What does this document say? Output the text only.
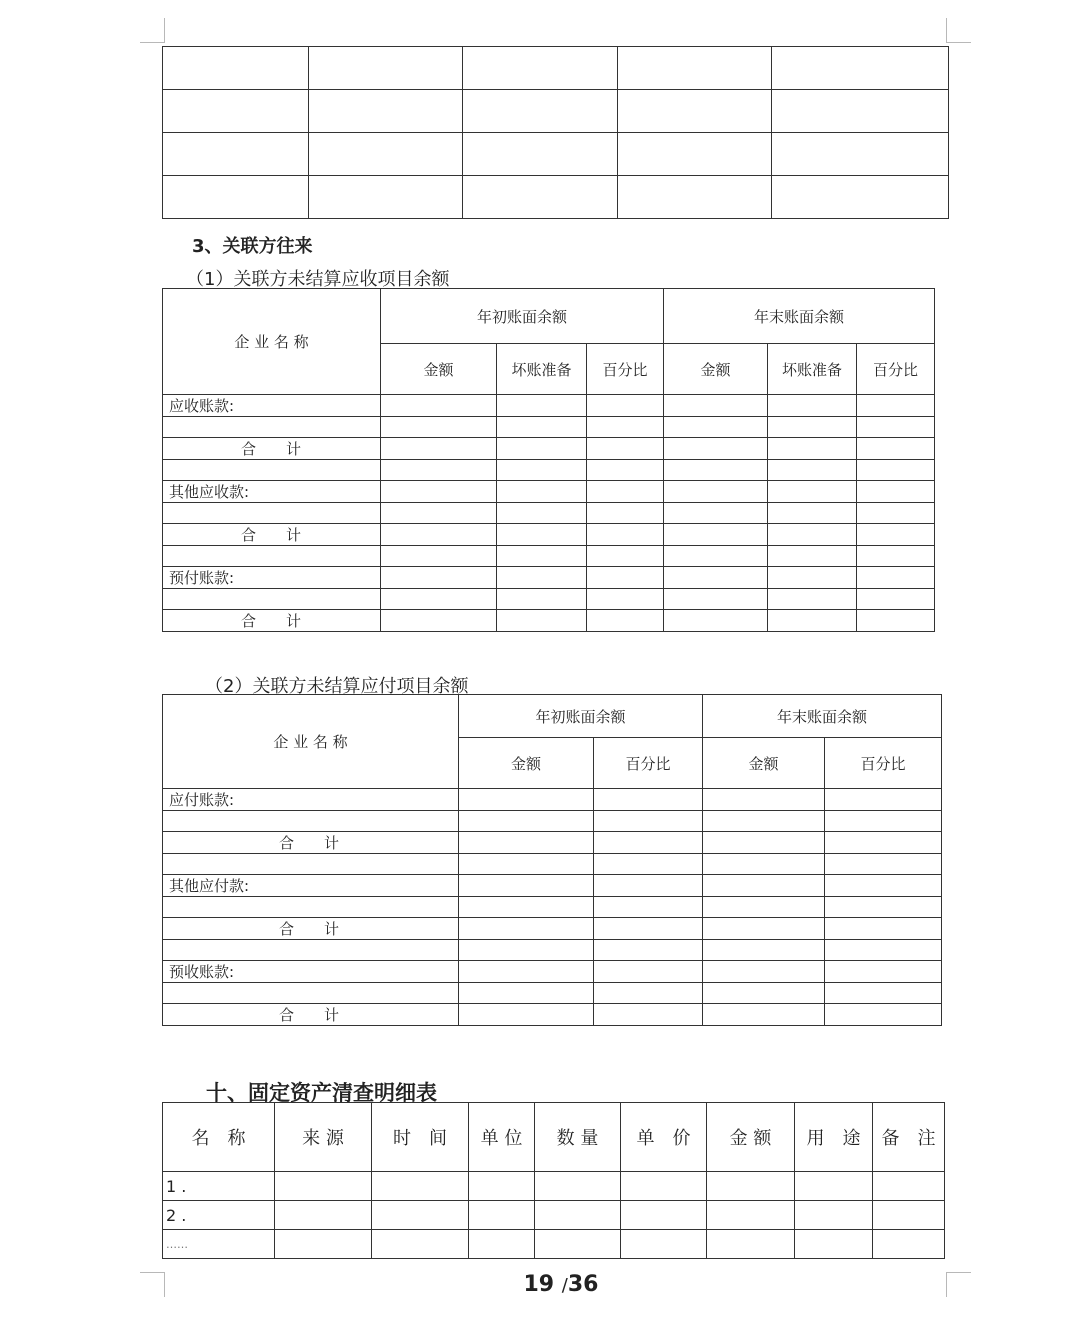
3、关联方往来
（1）关联方未结算应收项目余额
企 业 名 称	年初账面余额			年末账面余额		
	金额	坏账准备	百分比	金额	坏账准备	百分比
应收账款:						

合　　计						

其他应收款:						

合　　计						

预付账款:						

合　　计						
（2）关联方未结算应付项目余额
企 业 名 称	年初账面余额		年末账面余额	
	金额	百分比	金额	百分比
应付账款:				

合　　计				

其他应付款:				

合　　计				

预收账款:				

合　　计				
十、固定资产清查明细表
名　称	来 源	时　间	单 位	数 量	单　价	金 额	用　途	备　注
1 .								
2 .								
……								
19 /36
